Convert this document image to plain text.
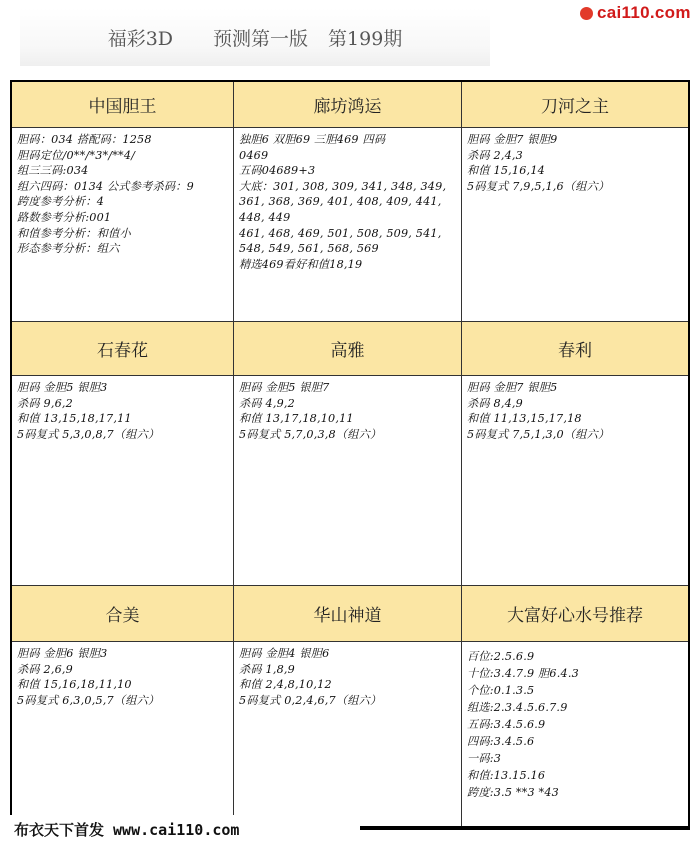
cai110.com
福彩3D 预测第一版 第199期
中国胆王
胆码：034 搭配码：1258
胆码定位/0**/*3*/**4/
组三三码:034
组六四码：0134 公式参考杀码：9
跨度参考分析：4
路数参考分析:001
和值参考分析：和值小
形态参考分析：组六
廊坊鸿运
独胆6 双胆69 三胆469 四码
0469
五码04689+3
大底：301, 308, 309, 341, 348, 349,
361, 368, 369, 401, 408, 409, 441,
448, 449
461, 468, 469, 501, 508, 509, 541,
548, 549, 561, 568, 569
精选469看好和值18,19
刀河之主
胆码 金胆7 银胆9
杀码 2,4,3
和值 15,16,14
5码复式 7,9,5,1,6（组六）
石春花
胆码 金胆5 银胆3
杀码 9,6,2
和值 13,15,18,17,11
5码复式 5,3,0,8,7（组六）
高雅
胆码 金胆5 银胆7
杀码 4,9,2
和值 13,17,18,10,11
5码复式 5,7,0,3,8（组六）
春利
胆码 金胆7 银胆5
杀码 8,4,9
和值 11,13,15,17,18
5码复式 7,5,1,3,0（组六）
合美
胆码 金胆6 银胆3
杀码 2,6,9
和值 15,16,18,11,10
5码复式 6,3,0,5,7（组六）
华山神道
胆码 金胆4 银胆6
杀码 1,8,9
和值 2,4,8,10,12
5码复式 0,2,4,6,7（组六）
大富好心水号推荐
百位:2.5.6.9
十位:3.4.7.9 胆6.4.3
个位:0.1.3.5
组选:2.3.4.5.6.7.9
五码:3.4.5.6.9
四码:3.4.5.6
一码:3
和值:13.15.16
跨度:3.5 **3 *43
布衣天下首发 www.cai110.com
